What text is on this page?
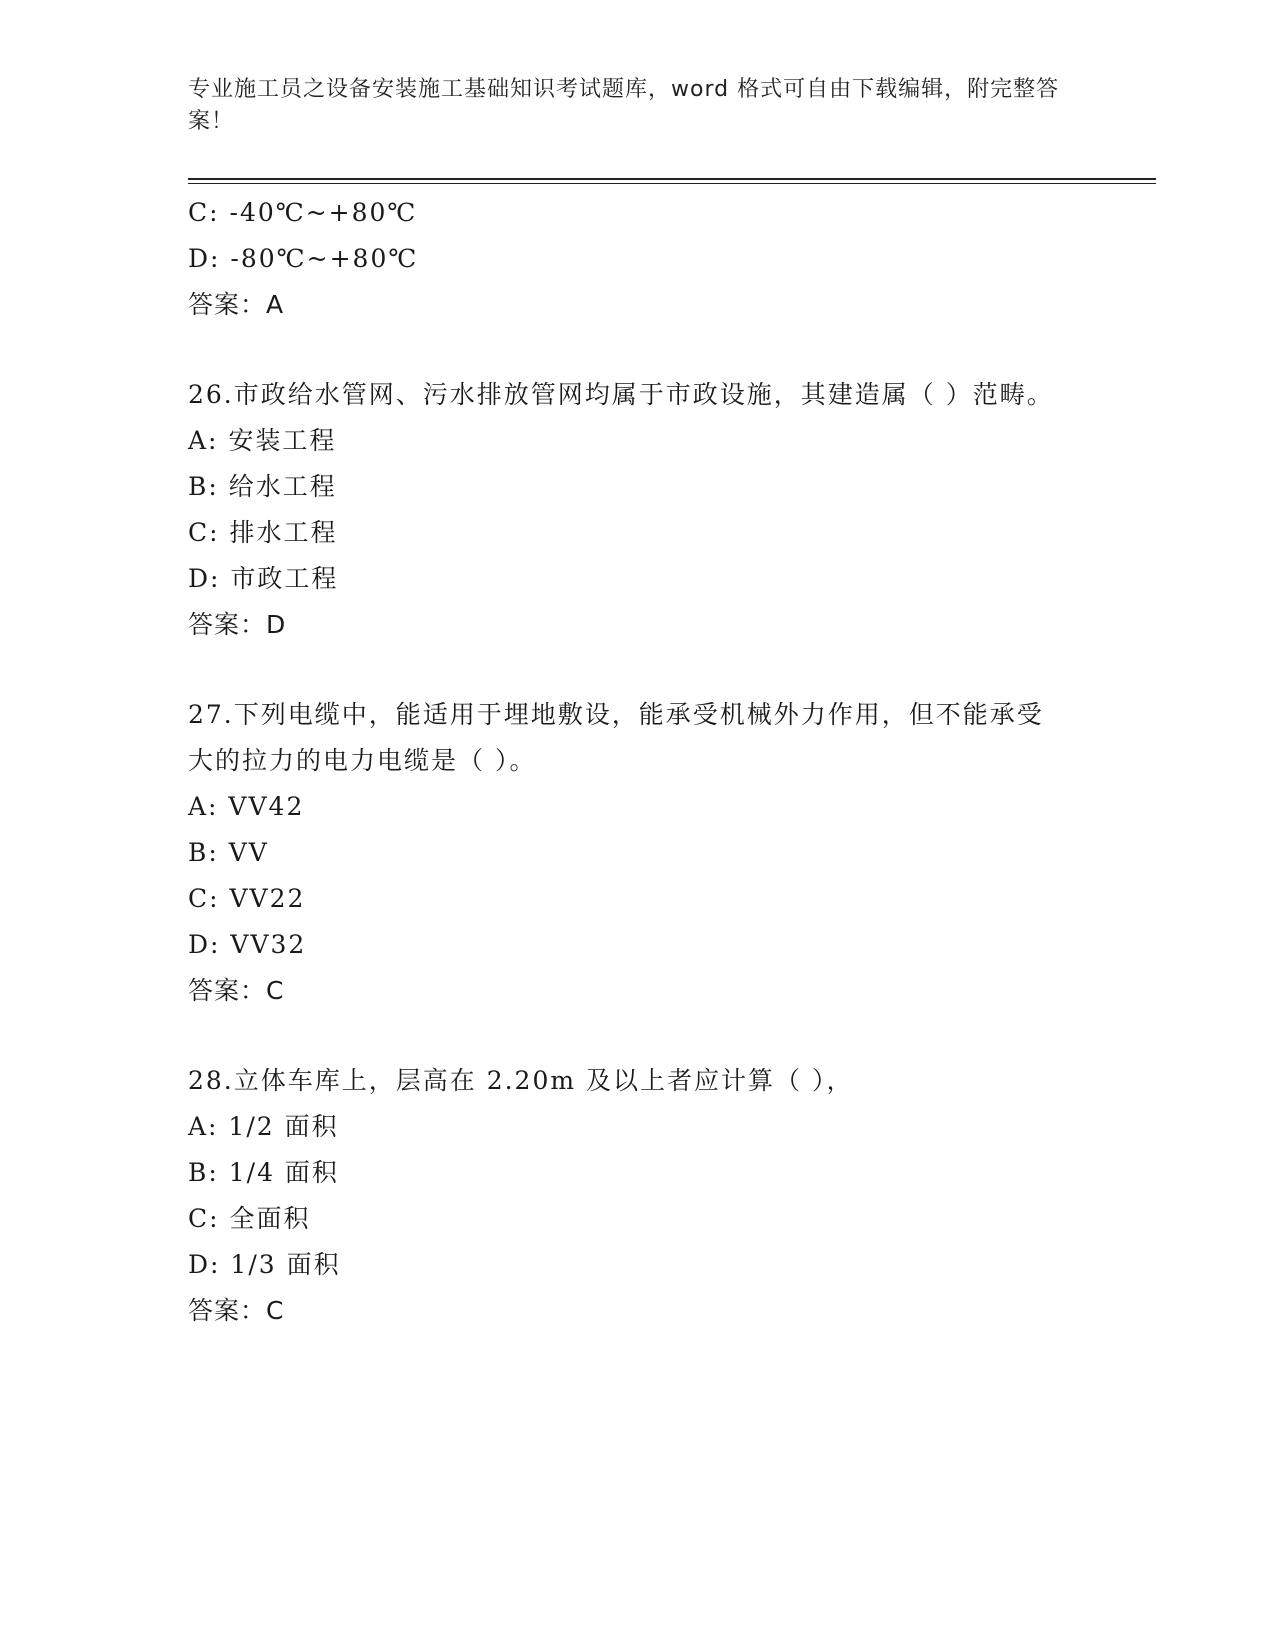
专业施工员之设备安装施工基础知识考试题库，word 格式可自由下载编辑，附完整答案！
C: -40℃~+80℃
D: -80℃~+80℃
答案：A
26.市政给水管网、污水排放管网均属于市政设施，其建造属（ ）范畴。
A: 安装工程
B: 给水工程
C: 排水工程
D: 市政工程
答案：D
27.下列电缆中，能适用于埋地敷设，能承受机械外力作用，但不能承受大的拉力的电力电缆是（ ）。
A: VV42
B: VV
C: VV22
D: VV32
答案：C
28.立体车库上，层高在 2.20m 及以上者应计算（ ），
A: 1/2 面积
B: 1/4 面积
C: 全面积
D: 1/3 面积
答案：C
